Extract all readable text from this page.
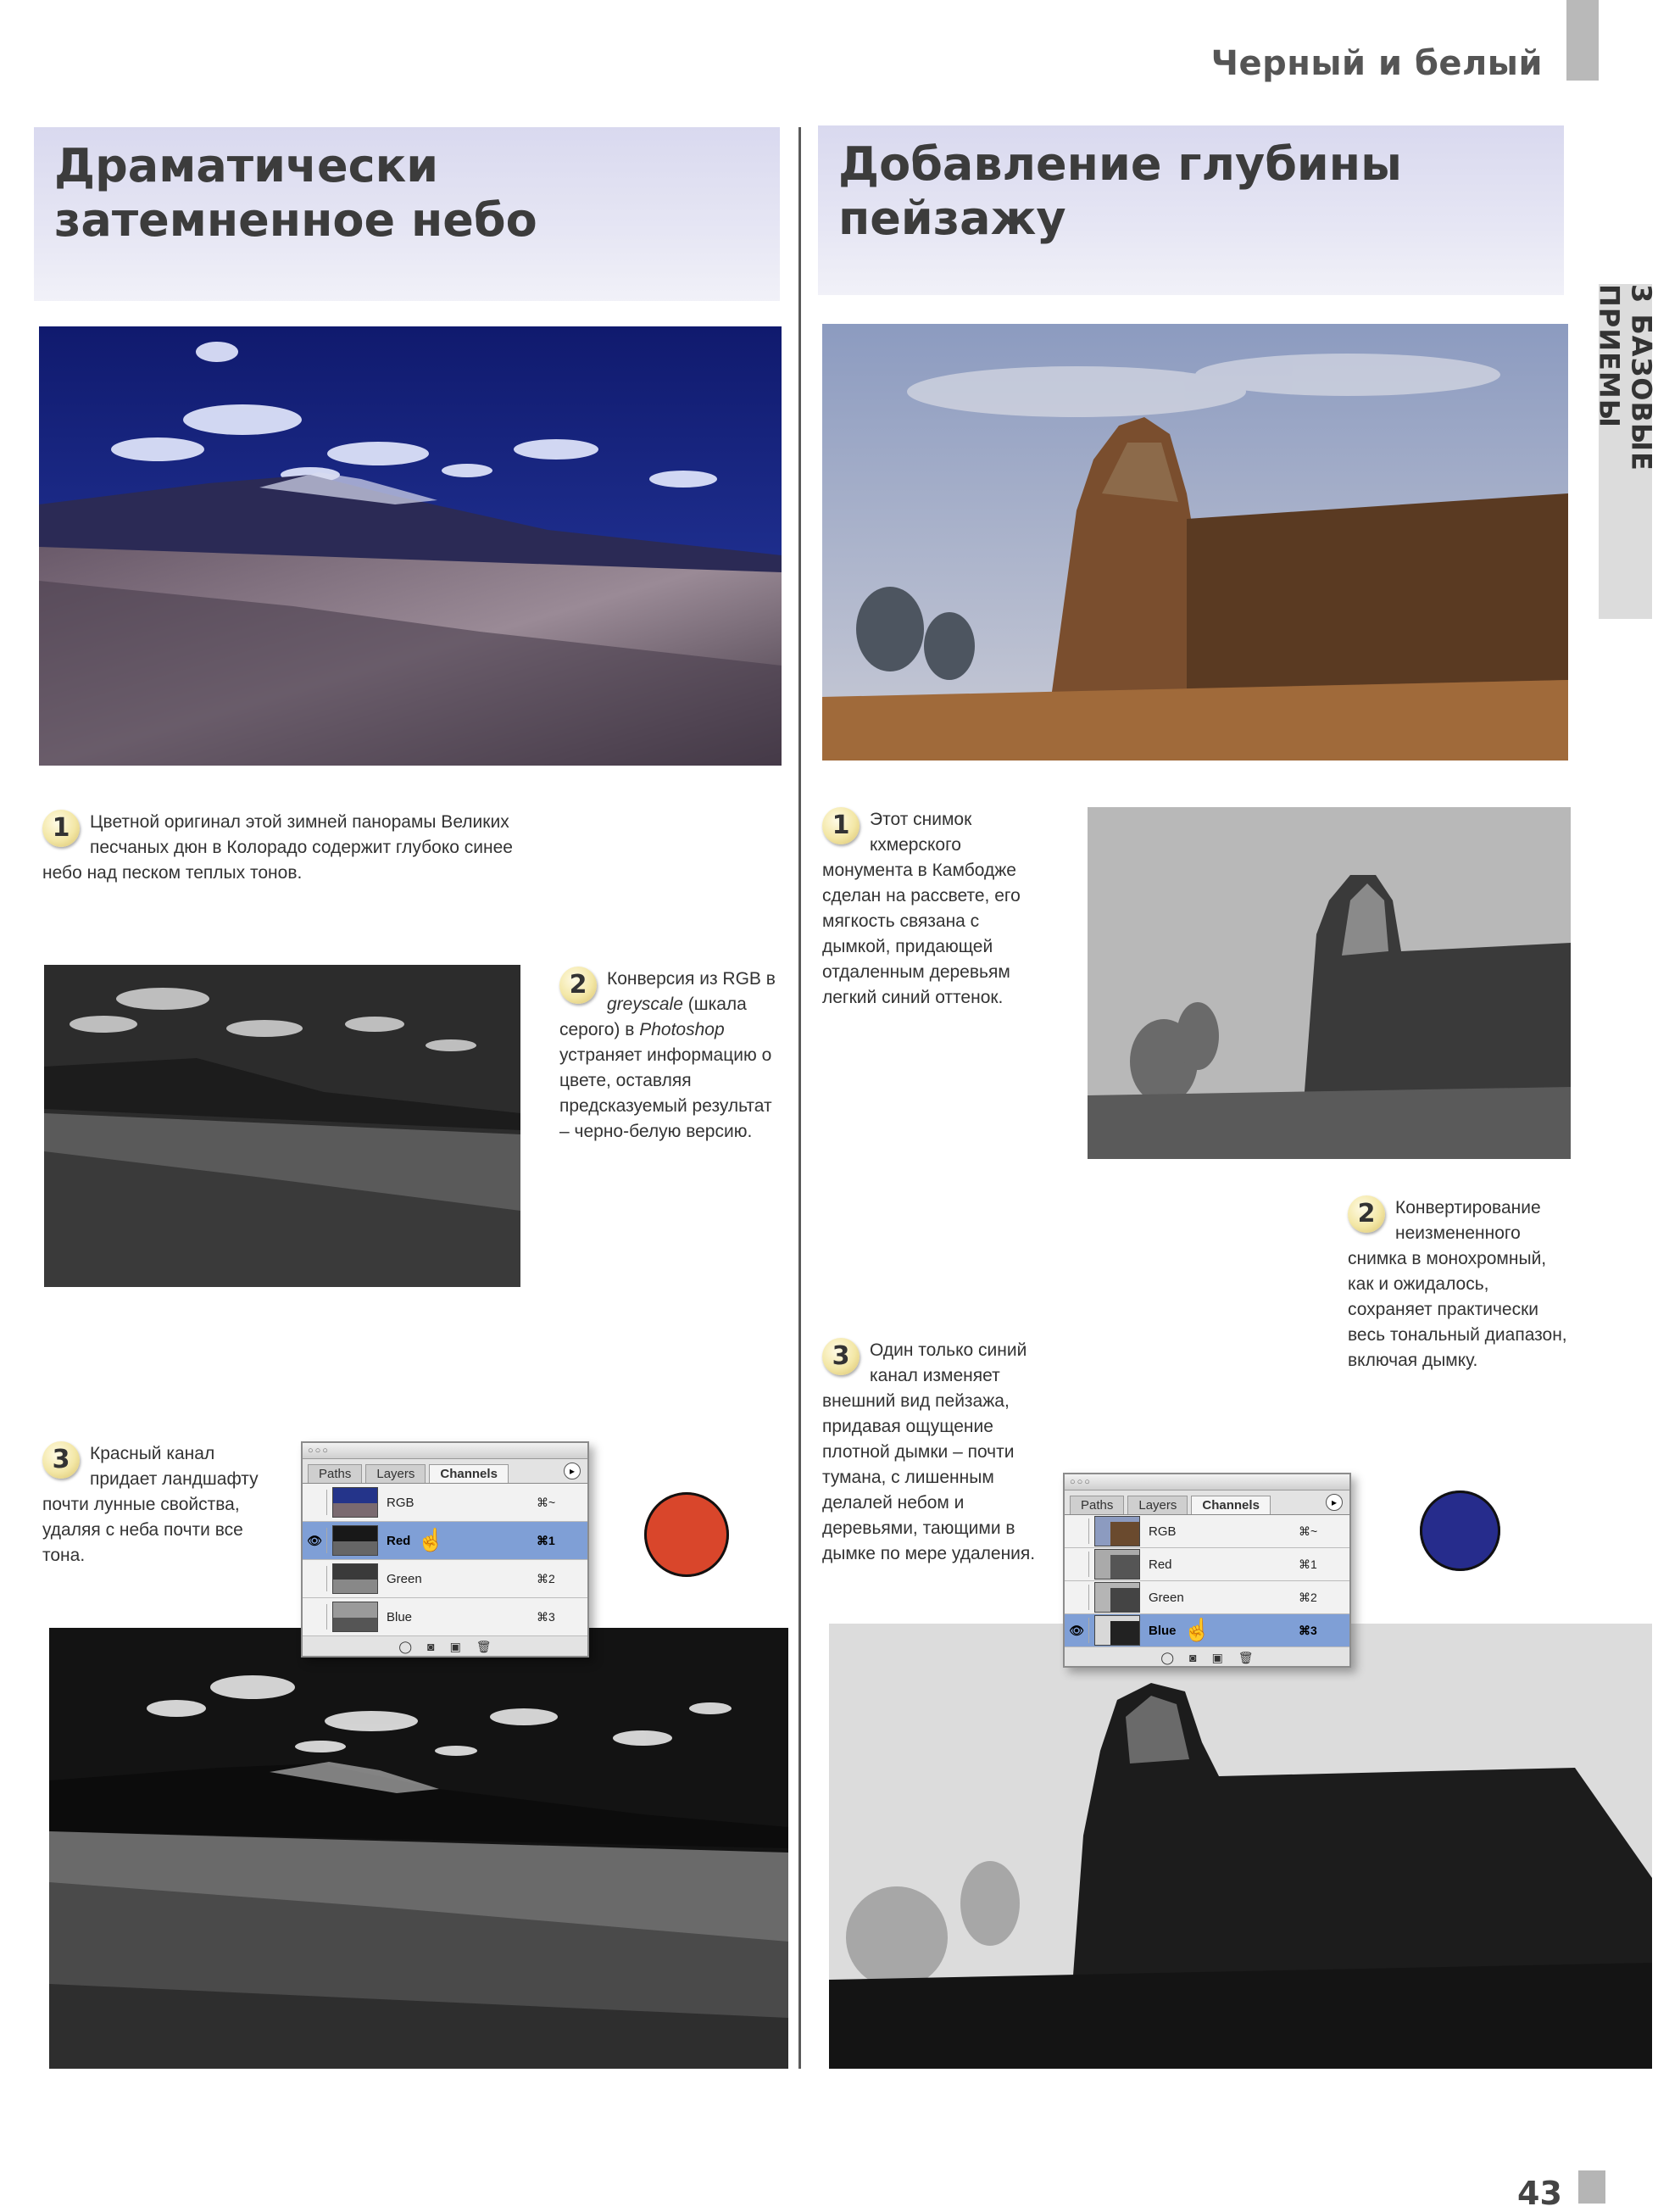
Черный и белый
3 БАЗОВЫЕ ПРИЕМЫ
Драматически затемненное небо
1	Цветной оригинал этой зимней панорамы Великих песчаных дюн в Колорадо содержит глубоко синее небо над песком теплых тонов.

2	Конверсия из RGB в greyscale (шкала серого) в Photoshop устраняет информацию о цвете, оставляя предсказуемый результат – черно-белую версию.

3	Красный канал придает ландшафту почти лунные свойства, удаляя с неба почти все тона.

○○○
Paths	Layers	Channels	▸
RGB	⌘~
👁	Red	⌘1
☝
Green	⌘2
Blue	⌘3
◯ ◙ ▣ 🗑
Добавление глубины пейзажу
1	Этот снимок кхмерского монумента в Камбодже сделан на рассвете, его мягкость связана с дымкой, придающей отдаленным деревьям легкий синий оттенок.

2	Конвертирование неизмененного снимка в монохромный, как и ожидалось, сохраняет практически весь тональный диапазон, включая дымку.

3	Один только синий канал изменяет внешний вид пейзажа, придавая ощущение плотной дымки – почти тумана, с лишенным делалей небом и деревьями, тающими в дымке по мере удаления.

○○○
Paths	Layers	Channels	▸
RGB	⌘~
Red	⌘1
Green	⌘2
👁	Blue	⌘3
☝
◯ ◙ ▣ 🗑
43
